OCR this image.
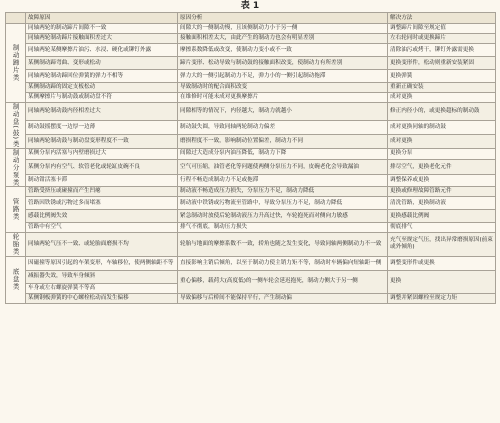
表 1
	故障原因	原因分析	解决方法
制动蹄片类	同轴两轮的制动蹄片间隙不一致	间隙大的一侧制动慢，且该侧制动力小于另一侧	调整蹄片间隙至规定值
	同轴两轮制动蹄片接触面积差过大	接触面积相差太大，由此产生的制动力也会有明显差别	左右轮同时或更换蹄片
	同轴两轮某侧摩擦片油污、水浸、硬化或铆钉外露	摩擦系数降低或改变，使制动力变小或不一致	清除油污或烤干，铆钉外露需更换
	某侧制动蹄弯曲、变形或松动	蹄片变形、松动导致与制动鼓的接触面积改变，使制动力有所差别	更换变形件，松动则重新安装紧固
	同轴两轮制动蹄回位弹簧的弹力不相等	弹力大的一侧引起制动力不足，弹力小的一侧引起制动拖滞	更换弹簧
	某侧制动蹄的固定支板松动	导致制动时的配合面积改变	重新正确安装
	某侧摩擦片与制动鼓或制动盘不符	在维修时可能未成对更换摩擦片	成对更换
制动盘(鼓)类	同轴两轮制动鼓内径相差过大	同隙相等的情况下，内径越大，制动力就越小	修正内径小的，或更换超标的制动鼓
	制动鼓摇摆度一边厚一边薄	制动鼓失圆，导致同轴两轮制动力偏差	成对更换同轴的制动鼓
	同轴两轮制动鼓与制动盘变形程度不一致	磨损程度不一致，影响制动位置偏差，制动力不同	成对更换
制动分泵类	某侧分泵内活塞与内壁磨损过大	间隙过大造成分泵内油压降低，制动力下降	更换分泵
	某侧分泵内有空气、软管老化或轮缸皮碗不良	空气可压缩，油管老化等问题使两侧分泵压力不同，皮碗老化会导致漏油	排尽空气，更换老化元件
	制动钳活塞卡滞	行程不畅造成制动力不足或拖滞	调整保养或更换
管路类	管路受挤压或碰撞而产生凹瘪	制动液不畅造成压力损失，分泵压力不足，制动力降低	更换或修理故障管路元件
	管路因铁锈或污物过多而堵塞	制动液中铁锈或污物流至管路中，导致分泵压力不足，制动力降低	清洗管路，更换制动液
	感载比例阀失效	紧急制动时放使后轮制动液压力升高过快，车轮抱死而对侧向力敏感	更换感载比例阀
	管路中有空气	排气不彻底，制动压力损失	彻底排气
轮胎类	同轴两轮气压不一致、或轮胎面磨损不均	轮胎与地面的摩擦系数不一致，轿角也随之发生变化，导致同轴两侧制动力不一致	充气至规定气压，找出异常磨损原因(前束或外倾角)
底盘类	因磁撞等原因引起的车架变形，车轴移位，使两侧轴距不等	直接影响主销后倾角，以至于制动力使主销力矩不等，制动时车辆偏向短轴距一侧	调整变形件或更换
	减振器失效，导致车身倾斜	重心偏移，载荷大(高度低)的一侧车轮会延迟抱死，制动力侧大于另一侧	更换
	车身或左右螺旋弹簧不等高		
	某侧钢板弹簧的中心螺栓松动而发生偏移	导致偏移与后桥间不能保持平行，产生制动偏	调整并紧固螺栓至规定力矩
